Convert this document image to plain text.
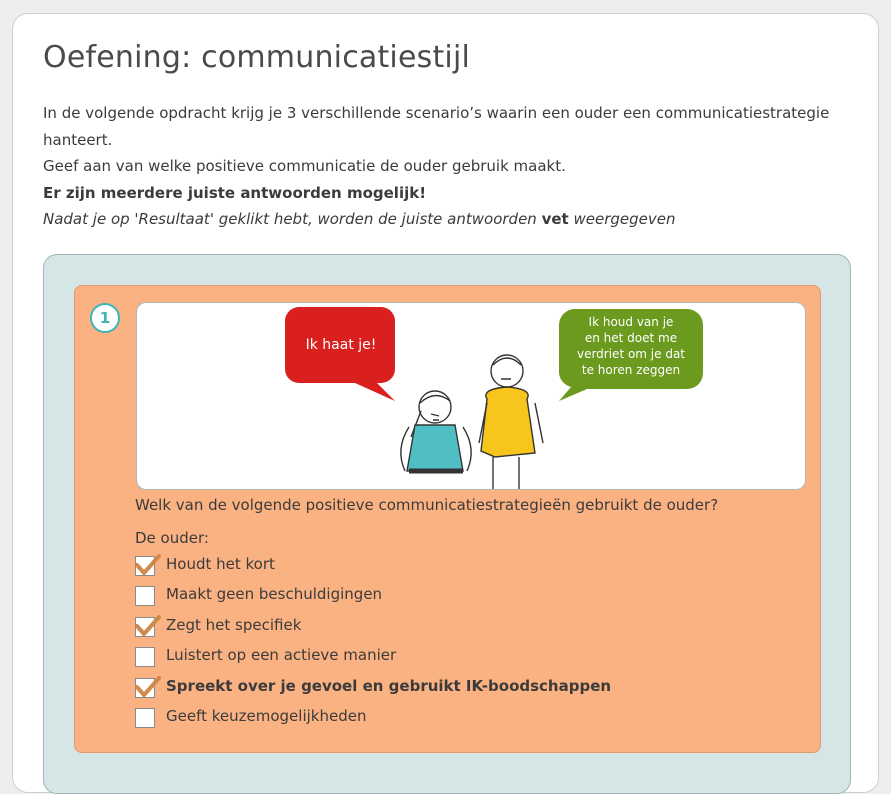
Oefening: communicatiestijl

In de volgende opdracht krijg je 3 verschillende scenario’s waarin een ouder een communicatiestrategie hanteert.

Geef aan van welke positieve communicatie de ouder gebruik maakt.

Er zijn meerdere juiste antwoorden mogelijk!

Nadat je op 'Resultaat' geklikt hebt, worden de juiste antwoorden vet weergegeven

1
Ik haat je!
Ik houd van je
en het doet me
verdriet om je dat
te horen zeggen
Welk van de volgende positieve communicatiestrategieën gebruikt de ouder?
De ouder:
Houdt het kort
Maakt geen beschuldigingen
Zegt het specifiek
Luistert op een actieve manier
Spreekt over je gevoel en gebruikt IK-boodschappen
Geeft keuzemogelijkheden
